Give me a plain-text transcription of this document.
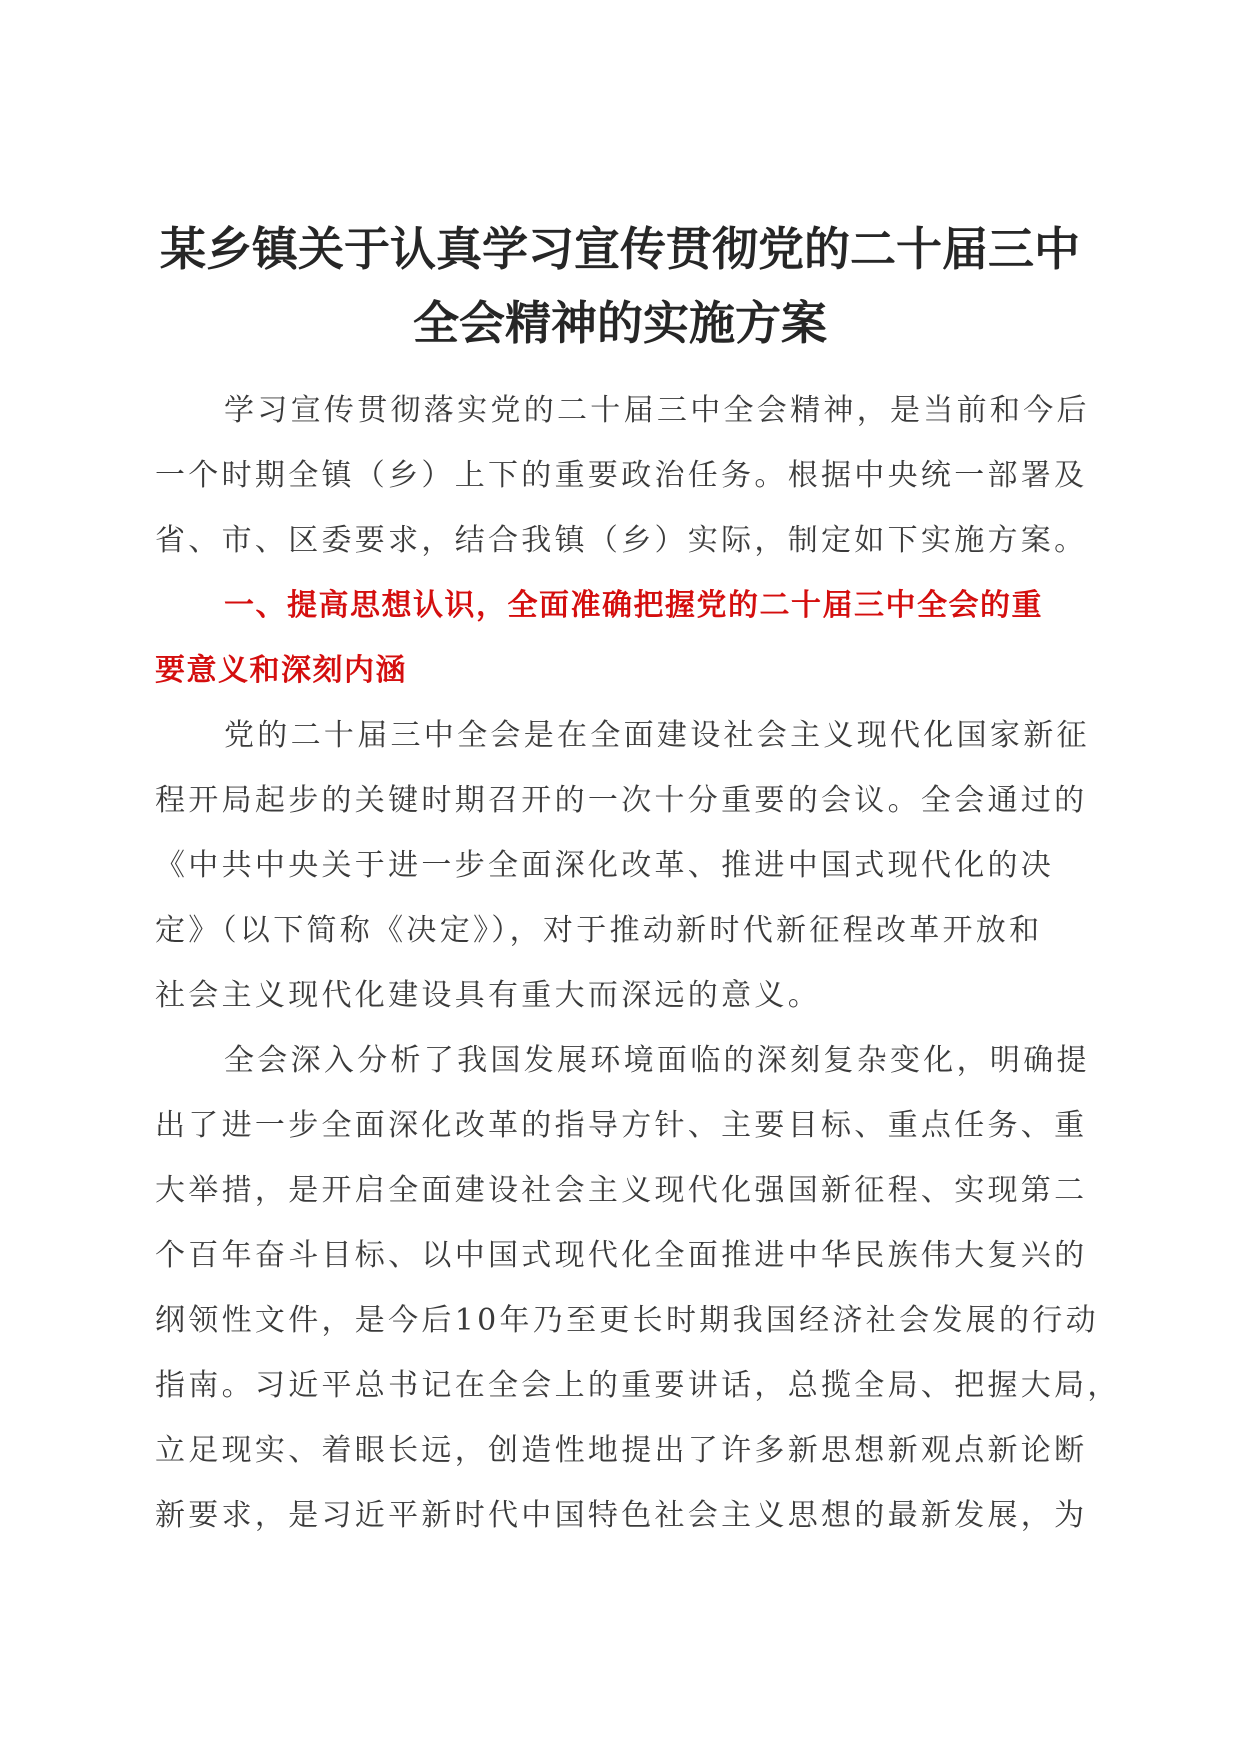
某乡镇关于认真学习宣传贯彻党的二十届三中
全会精神的实施方案

学习宣传贯彻落实党的二十届三中全会精神，是当前和今后
一个时期全镇（乡）上下的重要政治任务。根据中央统一部署及
省、市、区委要求，结合我镇（乡）实际，制定如下实施方案。

一、提高思想认识，全面准确把握党的二十届三中全会的重
要意义和深刻内涵

党的二十届三中全会是在全面建设社会主义现代化国家新征
程开局起步的关键时期召开的一次十分重要的会议。全会通过的
《中共中央关于进一步全面深化改革、推进中国式现代化的决
定》（以下简称《决定》），对于推动新时代新征程改革开放和
社会主义现代化建设具有重大而深远的意义。

全会深入分析了我国发展环境面临的深刻复杂变化，明确提
出了进一步全面深化改革的指导方针、主要目标、重点任务、重
大举措，是开启全面建设社会主义现代化强国新征程、实现第二
个百年奋斗目标、以中国式现代化全面推进中华民族伟大复兴的
纲领性文件，是今后10年乃至更长时期我国经济社会发展的行动
指南。习近平总书记在全会上的重要讲话，总揽全局、把握大局，
立足现实、着眼长远，创造性地提出了许多新思想新观点新论断
新要求，是习近平新时代中国特色社会主义思想的最新发展，为
